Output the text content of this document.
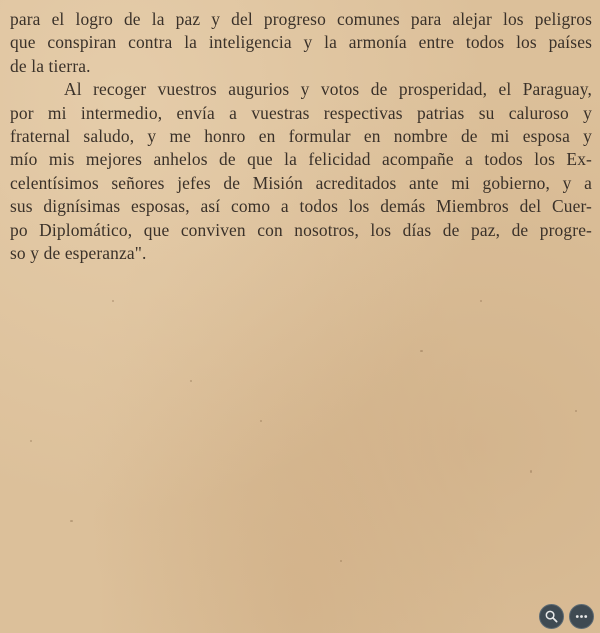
para el logro de la paz y del progreso comunes para alejar los peligros
que conspiran contra la inteligencia y la armonía entre todos los países
de la tierra.
Al recoger vuestros augurios y votos de prosperidad, el Paraguay,
por mi intermedio, envía a vuestras respectivas patrias su caluroso y
fraternal saludo, y me honro en formular en nombre de mi esposa y
mío mis mejores anhelos de que la felicidad acompañe a todos los Ex-
celentísimos señores jefes de Misión acreditados ante mi gobierno, y a
sus dignísimas esposas, así como a todos los demás Miembros del Cuer-
po Diplomático, que conviven con nosotros, los días de paz, de progre-
so y de esperanza".
